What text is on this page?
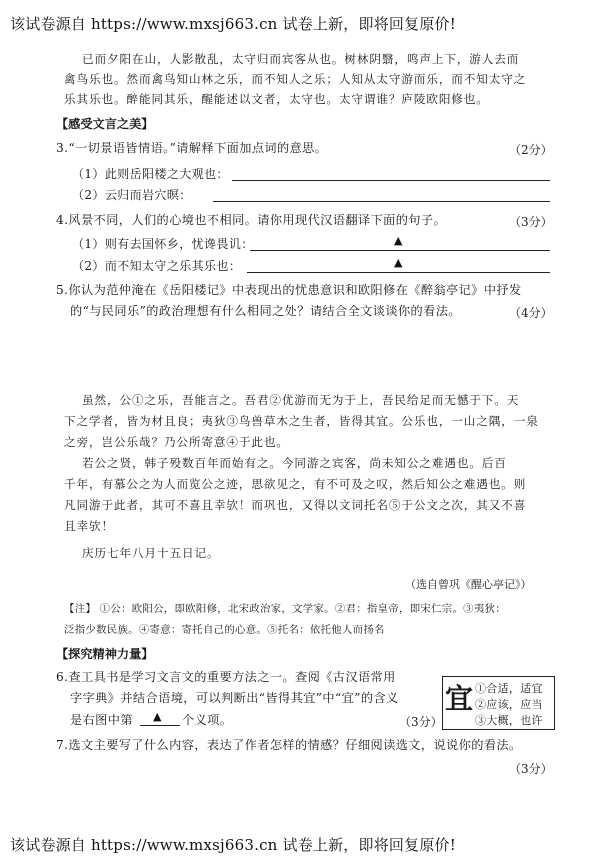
该试卷源自 https://www.mxsj663.cn 试卷上新，即将回复原价!
已而夕阳在山，人影散乱，太守归而宾客从也。树林阴翳，鸣声上下，游人去而
禽鸟乐也。然而禽鸟知山林之乐，而不知人之乐；人知从太守游而乐，而不知太守之
乐其乐也。醉能同其乐，醒能述以文者，太守也。太守谓谁？庐陵欧阳修也。
【感受文言之美】
3.“一切景语皆情语。”请解释下面加点词的意思。	（2分）
（1）此则岳阳楼之大观也：
（2）云归而岩穴暝：
4.风景不同，人们的心境也不相同。请你用现代汉语翻译下面的句子。	（3分）
（1）则有去国怀乡，忧谗畏讥：	▲
（2）而不知太守之乐其乐也：	▲
5.你认为范仲淹在《岳阳楼记》中表现出的忧患意识和欧阳修在《醉翁亭记》中抒发
的“与民同乐”的政治理想有什么相同之处？请结合全文谈谈你的看法。	（4分）
虽然，公①之乐，吾能言之。吾君②优游而无为于上，吾民给足而无憾于下。天
下之学者，皆为材且良；夷狄③鸟兽草木之生者，皆得其宜。公乐也，一山之隅，一泉
之旁，岂公乐哉？乃公所寄意④于此也。
若公之贤，韩子殁数百年而始有之。今同游之宾客，尚未知公之难遇也。后百
千年，有慕公之为人而览公之迹，思欲见之，有不可及之叹，然后知公之难遇也。则
凡同游于此者，其可不喜且幸欤！而巩也，又得以文词托名⑤于公文之次，其又不喜
且幸欤！
庆历七年八月十五日记。
（选自曾巩《醒心亭记》）
【注】 ①公：欧阳公，即欧阳修，北宋政治家，文学家。②君：指皇帝，即宋仁宗。③夷狄：
泛指少数民族。④寄意：寄托自己的心意。⑤托名：依托他人而扬名
【探究精神力量】
6.查工具书是学习文言文的重要方法之一。查阅《古汉语常用
字字典》并结合语境，可以判断出“皆得其宜”中“宜”的含义
是右图中第 ▲ 个义项。	（3分）
宜 ①合适，适宜
②应该，应当
③大概，也许
7.选文主要写了什么内容，表达了作者怎样的情感？仔细阅读选文，说说你的看法。
（3分）
该试卷源自 https://www.mxsj663.cn 试卷上新，即将回复原价!
